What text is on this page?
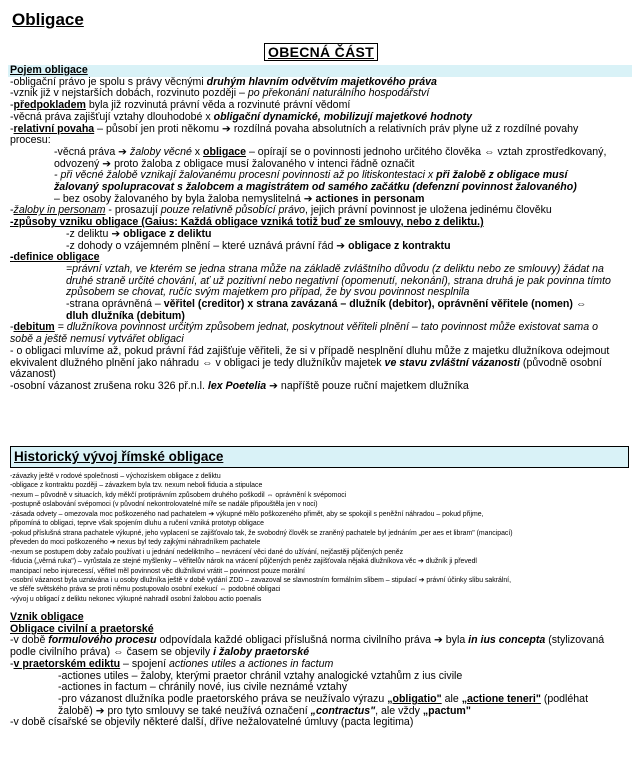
Obligace
OBECNÁ ČÁST
Pojem obligace
-obligační právo je spolu s právy věcnými druhým hlavním odvětvím majetkového práva
-vznik již v nejstarších dobách, rozvinuto později – po překonání naturálního hospodářství
-předpokladem byla již rozvinutá právní věda a rozvinuté právní vědomí
-věcná práva zajišťují vztahy dlouhodobé x obligační dynamické, mobilizují majetkové hodnoty
-relativní povaha – působí jen proti někomu ➔ rozdílná povaha absolutních a relativních práv plyne už z rozdílné povahy
procesu:
-věcná práva ➔ žaloby věcné x obligace – opírají se o povinnosti jednoho určitého člověka ⇔ vztah zprostředkovaný,
odvozený ➔ proto žaloba z obligace musí žalovaného v intenci řádně označit
- při věcné žalobě vznikají žalovanému procesní povinnosti až po litiskontestaci x při žalobě z obligace musí
žalovaný spolupracovat s žalobcem a magistrátem od samého začátku (defenzní povinnost žalovaného)
– bez osoby žalovaného by byla žaloba nemyslitelná ➔ actiones in personam
-žaloby in personam - prosazují pouze relativně působící právo, jejich právní povinnost je uložena jedinému člověku
-způsoby vzniku obligace (Gaius: Každá obligace vzniká totiž buď ze smlouvy, nebo z deliktu.)
-z deliktu ➔ obligace z deliktu
-z dohody o vzájemném plnění – které uznává právní řád ➔ obligace z kontraktu
-definice obligace
=právní vztah, ve kterém se jedna strana může na základě zvláštního důvodu (z deliktu nebo ze smlouvy) žádat na
druhé straně určité chování, ať už pozitivní nebo negativní (opomenutí, nekonání), strana druhá je pak povinna tímto
způsobem se chovat, ručíc svým majetkem pro případ, že by svou povinnost nesplnila
-strana oprávněná – věřitel (creditor) x strana zavázaná – dlužník (debitor), oprávnění věřitele (nomen) ⇔
dluh dlužníka (debitum)
-debitum = dlužníkova povinnost určitým způsobem jednat, poskytnout věřiteli plnění – tato povinnost může existovat sama o
sobě a ještě nemusí vytvářet obligaci
- o obligaci mluvíme až, pokud právní řád zajišťuje věřiteli, že si v případě nesplnění dluhu může z majetku dlužníkova odejmout
ekvivalent dlužného plnění jako náhradu ⇔ v obligaci je tedy dlužníkův majetek ve stavu zvláštní vázanosti (původně osobní
vázanost)
-osobní vázanost zrušena roku 326 př.n.l. lex Poetelia ➔ napříště pouze ruční majetkem dlužníka
Historický vývoj římské obligace
-závazky ještě v rodové společnosti – výchozískem obligace z deliktu
-obligace z kontraktu později – závazkem byla tzv. nexum neboli fiducia a stipulace
-nexum – původně v situacích, kdy měkčí protiprávním způsobem druhého poškodil ⇔ oprávnění k svépomoci
-postupně oslabování svépomoci (v původní nekontrolovatelné míře se nadále připouštěla jen v noci)
-zásada odvety – omezovala moc poškozeného nad pachatelem ➔ výkupné mělo poškozeného přimět, aby se spokojil s peněžní náhradou – pokud přijme,
připomíná to obligaci, teprve však spojením dluhu a ručení vzniká prototyp obligace
-pokud příslušná strana pachatele výkupné, jeho vyplacení se zajišťovalo tak, že svobodný člověk se zraněný pachatele byl jednáním „per aes et libram" (mancipací)
převeden do moci poškozeného ➔ nexus byl tedy zajkými náhradníkem pachatele
-nexum se postupem doby začalo používat i u jednání nedeliktního – nevrácení věci dané do užívání, nejčastěji půjčených peněz
-fiducia („věrná ruka") – vyrůstala ze stejné myšlenky – věřitelův nárok na vrácení půjčených peněz zajišťovala nějaká dlužníkova věc ➔ dlužník ji převedl
mancipací nebo injurecessí, věřitel měl povinnost věc dlužníkovi vrátit – povinnost pouze morální
-osobní vázanost byla uznávána i u osoby dlužníka ještě v době vydání ZDD – zavazoval se slavnostním formálním slibem – stipulací ➔ právní účinky slibu sakrální,
ve sféře světského práva se proti němu postupovalo osobní exekucí ⇔ podobné obligaci
-vývoj u obligací z deliktu nekonec výkupné nahradil osobní žalobou actio poenalis
Vznik obligace
Obligace civilní a praetorské
-v době formulového procesu odpovídala každé obligaci příslušná norma civilního práva ➔ byla in ius concepta (stylizovaná
podle civilního práva) ⇔ časem se objevily i žaloby praetorské
-v praetorském ediktu – spojení actiones utiles a actiones in factum
-actiones utiles – žaloby, kterými praetor chránil vztahy analogické vztahům z ius civile
-actiones in factum – chránily nové, ius civile neznámé vztahy
-pro vázanost dlužníka podle praetorského práva se neužívalo výrazu „obligatio" ale „actione teneri" (podléhat
žalobě) ➔ pro tyto smlouvy se také neužívá označení „contractus", ale vždy „pactum"
-v době císařské se objevily některé další, dříve nežalovatelné úmluvy (pacta legitima)
